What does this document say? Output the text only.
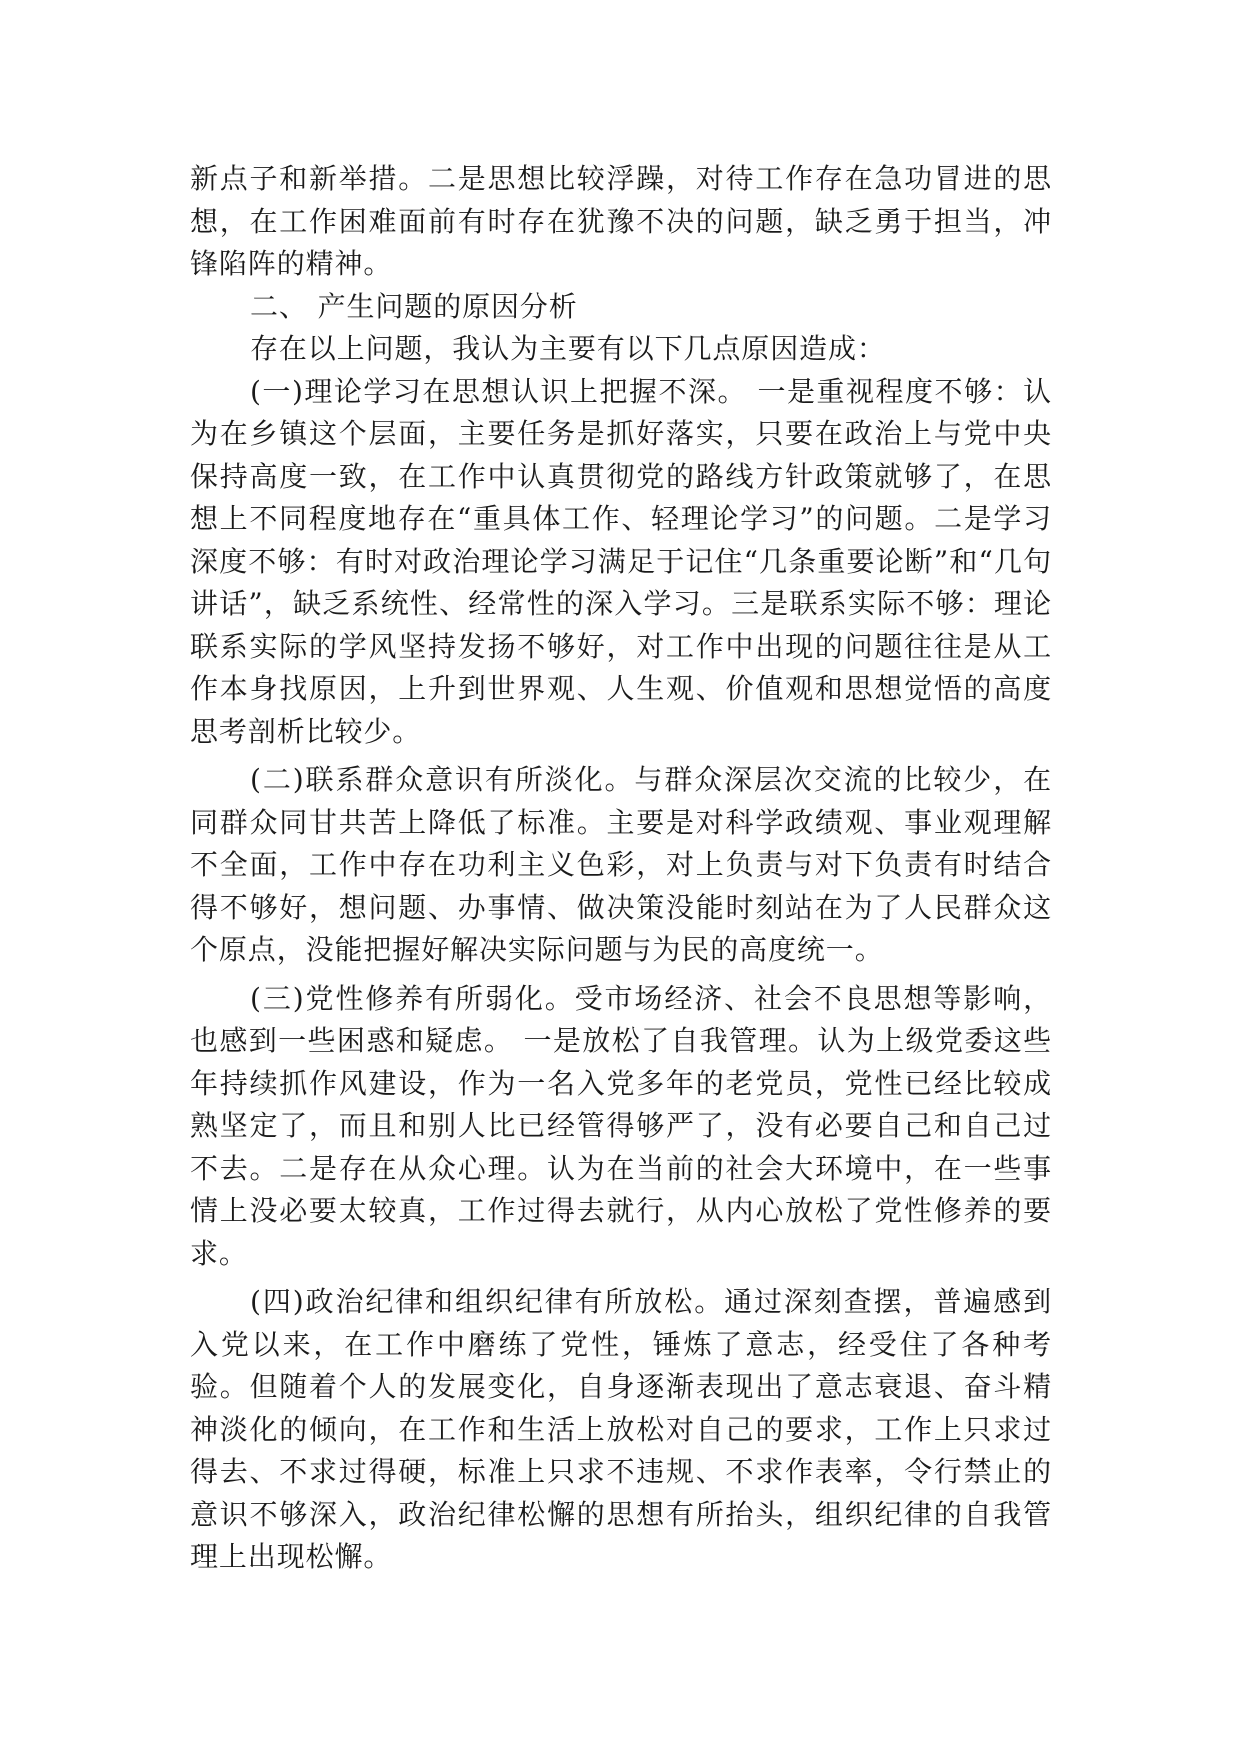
新点子和新举措。二是思想比较浮躁，对待工作存在急功冒进的思想，在工作困难面前有时存在犹豫不决的问题，缺乏勇于担当，冲锋陷阵的精神。

二、 产生问题的原因分析

存在以上问题，我认为主要有以下几点原因造成：

(一)理论学习在思想认识上把握不深。 一是重视程度不够：认为在乡镇这个层面，主要任务是抓好落实，只要在政治上与党中央保持高度一致，在工作中认真贯彻党的路线方针政策就够了，在思想上不同程度地存在“重具体工作、轻理论学习”的问题。二是学习深度不够：有时对政治理论学习满足于记住“几条重要论断”和“几句讲话”，缺乏系统性、经常性的深入学习。三是联系实际不够：理论联系实际的学风坚持发扬不够好，对工作中出现的问题往往是从工作本身找原因，上升到世界观、人生观、价值观和思想觉悟的高度思考剖析比较少。

(二)联系群众意识有所淡化。与群众深层次交流的比较少，在同群众同甘共苦上降低了标准。主要是对科学政绩观、事业观理解不全面，工作中存在功利主义色彩，对上负责与对下负责有时结合得不够好，想问题、办事情、做决策没能时刻站在为了人民群众这个原点，没能把握好解决实际问题与为民的高度统一。

(三)党性修养有所弱化。受市场经济、社会不良思想等影响，也感到一些困惑和疑虑。 一是放松了自我管理。认为上级党委这些年持续抓作风建设，作为一名入党多年的老党员，党性已经比较成熟坚定了，而且和别人比已经管得够严了，没有必要自己和自己过不去。二是存在从众心理。认为在当前的社会大环境中，在一些事情上没必要太较真，工作过得去就行，从内心放松了党性修养的要求。

(四)政治纪律和组织纪律有所放松。通过深刻查摆，普遍感到入党以来，在工作中磨练了党性，锤炼了意志，经受住了各种考验。但随着个人的发展变化，自身逐渐表现出了意志衰退、奋斗精神淡化的倾向，在工作和生活上放松对自己的要求，工作上只求过得去、不求过得硬，标准上只求不违规、不求作表率，令行禁止的意识不够深入，政治纪律松懈的思想有所抬头，组织纪律的自我管理上出现松懈。
